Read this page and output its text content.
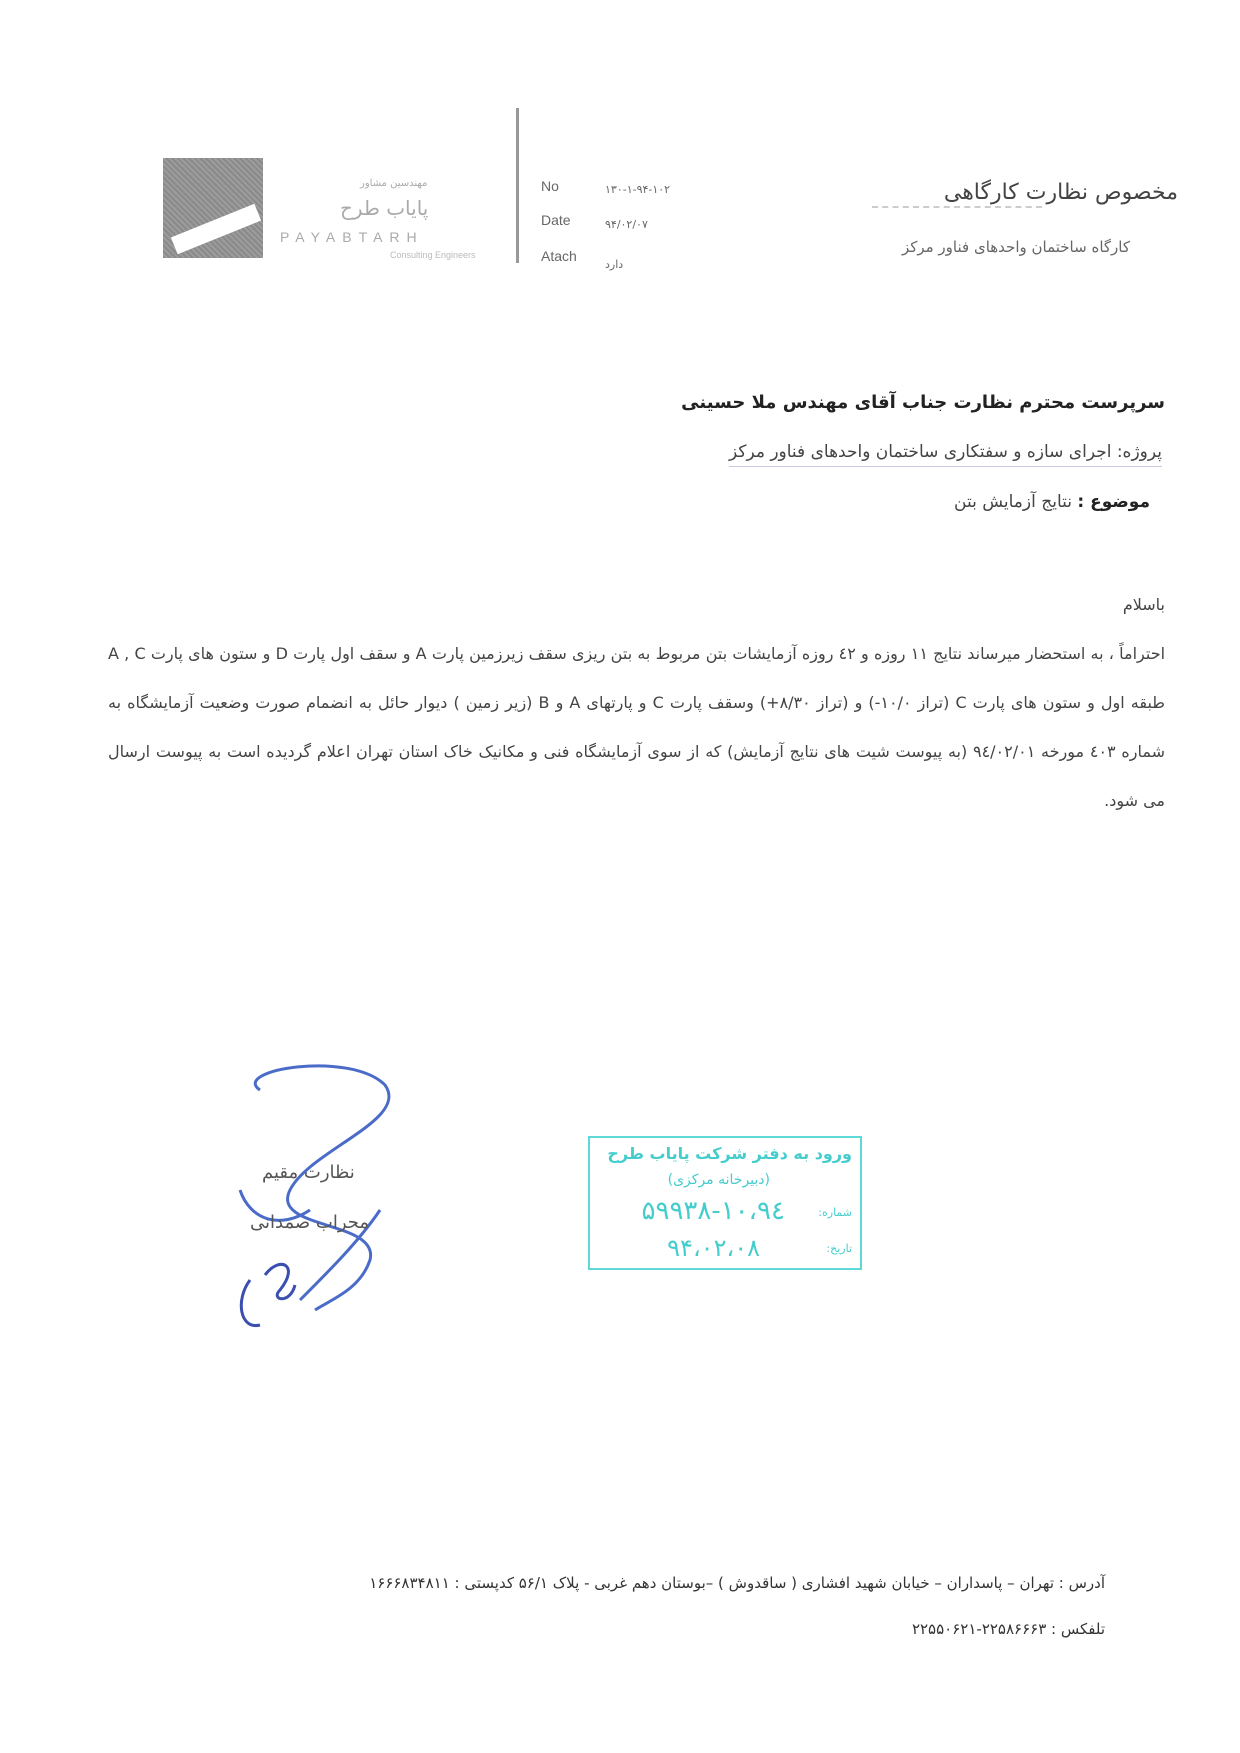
مهندسین مشاور
پایاب طرح
PAYABTARH
Consulting Engineers
No	۱۳۰-۱-۹۴-۱۰۲
Date	۹۴/۰۲/۰۷
Atach
دارد
مخصوص نظارت کارگاهی
کارگاه ساختمان واحدهای فناور مرکز
سرپرست محترم نظارت جناب آقای مهندس ملا حسینی
پروژه: اجرای سازه و سفتکاری ساختمان واحدهای فناور مرکز
موضوع : نتایج آزمایش بتن
باسلام
احتراماً ، به استحضار میرساند نتایج ۱۱ روزه و ٤۲ روزه آزمایشات بتن مربوط به بتن ریزی سقف زیرزمین پارت A و سقف اول پارت D و ستون های پارت A , C طبقه اول و ستون های پارت C (تراز ۱۰/۰-) و (تراز ۸/۳۰+) وسقف پارت C و پارتهای A و B (زیر زمین ) دیوار حائل به انضمام صورت وضعیت آزمایشگاه به شماره ٤۰۳ مورخه ۹٤/۰۲/۰۱ (به پیوست شیت های نتایج آزمایش) که از سوی آزمایشگاه فنی و مکانیک خاک استان تهران اعلام گردیده است به پیوست ارسال می شود.
نظارت مقیم
محراب صمدانی
ورود به دفتر شرکت پایاب طرح
(دبیرخانه مرکزی)
شماره:
۱۰،۹٤-۵۹۹۳۸
تاریخ:
۹۴،۰۲،۰۸
آدرس : تهران – پاسداران – خیابان شهید افشاری ( ساقدوش ) –بوستان دهم غربی - پلاک ۵۶/۱ کدپستی : ۱۶۶۶۸۳۴۸۱۱
تلفکس : ۲۲۵۸۶۶۶۳-۲۲۵۵۰۶۲۱
